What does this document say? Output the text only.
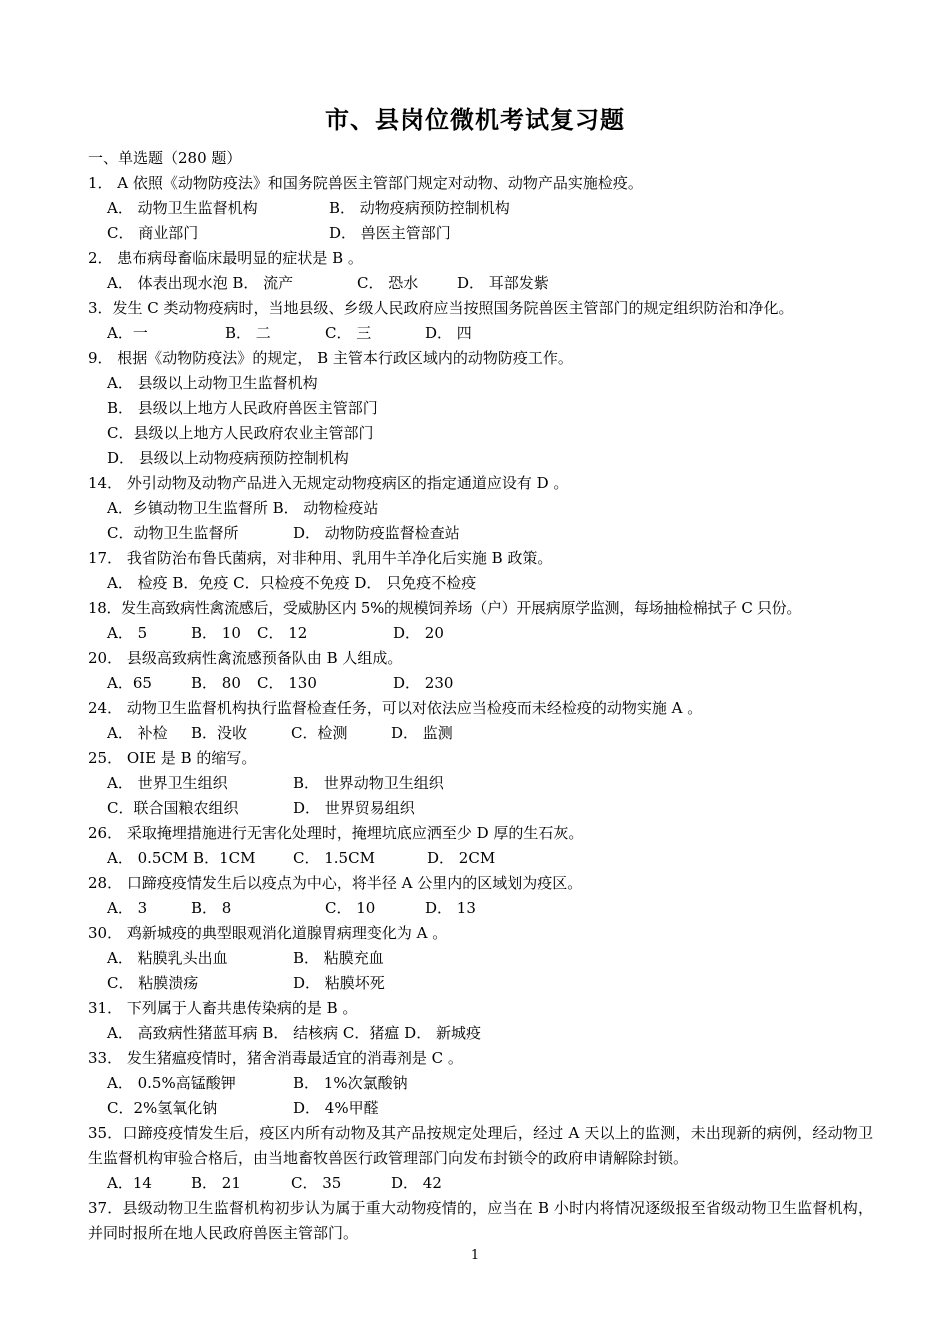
市、县岗位微机考试复习题
一、单选题（280 题）
1． A 依照《动物防疫法》和国务院兽医主管部门规定对动物、动物产品实施检疫。
A． 动物卫生监督机构	B． 动物疫病预防控制机构
C． 商业部门	D． 兽医主管部门
2． 患布病母畜临床最明显的症状是 B 。
A． 体表出现水泡 B． 流产	C． 恐水	D． 耳部发紫
3．发生 C 类动物疫病时，当地县级、乡级人民政府应当按照国务院兽医主管部门的规定组织防治和净化。
A．一	B． 二	C． 三	D． 四
9． 根据《动物防疫法》的规定， B 主管本行政区域内的动物防疫工作。
A． 县级以上动物卫生监督机构
B． 县级以上地方人民政府兽医主管部门
C．县级以上地方人民政府农业主管部门
D． 县级以上动物疫病预防控制机构
14． 外引动物及动物产品进入无规定动物疫病区的指定通道应设有 D 。
A．乡镇动物卫生监督所 B． 动物检疫站
C．动物卫生监督所	D． 动物防疫监督检查站
17． 我省防治布鲁氏菌病，对非种用、乳用牛羊净化后实施 B 政策。
A． 检疫 B．免疫 C．只检疫不免疫 D． 只免疫不检疫
18．发生高致病性禽流感后，受威胁区内 5%的规模饲养场（户）开展病原学监测，每场抽检棉拭子 C 只份。
A． 5	B． 10 C． 12	D． 20
20． 县级高致病性禽流感预备队由 B 人组成。
A．65	B． 80 C． 130	D． 230
24． 动物卫生监督机构执行监督检查任务，可以对依法应当检疫而未经检疫的动物实施 A 。
A． 补检 B．没收	C．检测	D． 监测
25． OIE 是 B 的缩写。
A． 世界卫生组织	B． 世界动物卫生组织
C．联合国粮农组织	D． 世界贸易组织
26． 采取掩埋措施进行无害化处理时，掩埋坑底应洒至少 D 厚的生石灰。
A． 0.5CM B．1CM	C． 1.5CM	D． 2CM
28． 口蹄疫疫情发生后以疫点为中心，将半径 A 公里内的区域划为疫区。
A． 3	B． 8	C． 10	D． 13
30． 鸡新城疫的典型眼观消化道腺胃病理变化为 A 。
A． 粘膜乳头出血	B． 粘膜充血
C． 粘膜溃疡	D． 粘膜坏死
31． 下列属于人畜共患传染病的是 B 。
A． 高致病性猪蓝耳病 B． 结核病 C．猪瘟 D． 新城疫
33． 发生猪瘟疫情时，猪舍消毒最适宜的消毒剂是 C 。
A． 0.5%高锰酸钾	B． 1%次氯酸钠
C．2%氢氧化钠	D． 4%甲醛
35．口蹄疫疫情发生后，疫区内所有动物及其产品按规定处理后，经过 A 天以上的监测，未出现新的病例，经动物卫生监督机构审验合格后，由当地畜牧兽医行政管理部门向发布封锁令的政府申请解除封锁。
A．14	B． 21	C． 35	D． 42
37．县级动物卫生监督机构初步认为属于重大动物疫情的，应当在 B 小时内将情况逐级报至省级动物卫生监督机构，并同时报所在地人民政府兽医主管部门。
1
